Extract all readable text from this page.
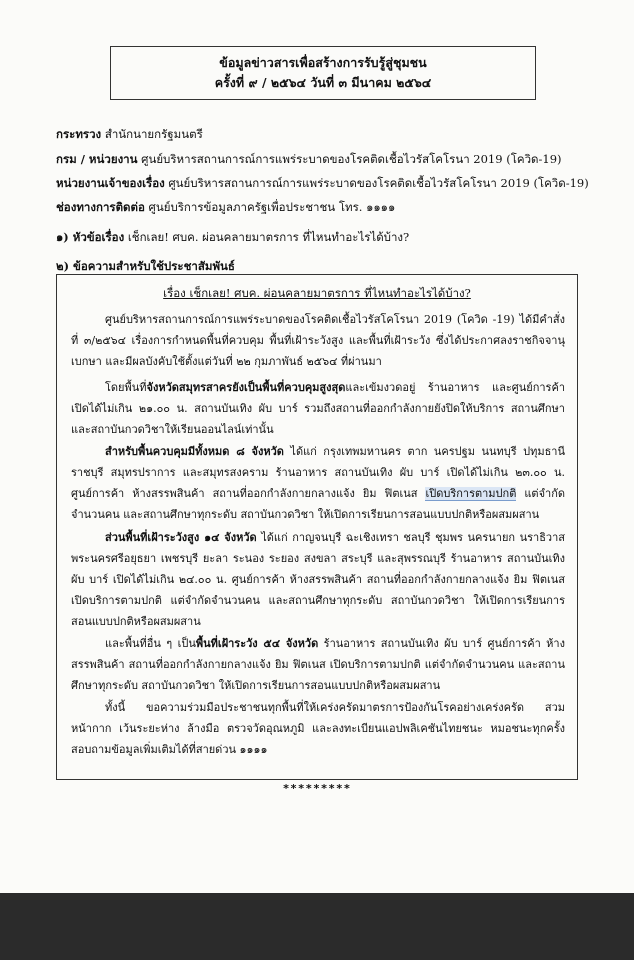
ข้อมูลข่าวสารเพื่อสร้างการรับรู้สู่ชุมชน
ครั้งที่ ๙ / ๒๕๖๔ วันที่ ๓ มีนาคม ๒๕๖๔
กระทรวง สำนักนายกรัฐมนตรี
กรม / หน่วยงาน ศูนย์บริหารสถานการณ์การแพร่ระบาดของโรคติดเชื้อไวรัสโคโรนา 2019 (โควิด-19)
หน่วยงานเจ้าของเรื่อง ศูนย์บริหารสถานการณ์การแพร่ระบาดของโรคติดเชื้อไวรัสโคโรนา 2019 (โควิด-19)
ช่องทางการติดต่อ ศูนย์บริการข้อมูลภาครัฐเพื่อประชาชน โทร. ๑๑๑๑
๑) หัวข้อเรื่อง เช็กเลย! ศบค. ผ่อนคลายมาตรการ ที่ไหนทำอะไรได้บ้าง?
๒) ข้อความสำหรับใช้ประชาสัมพันธ์
เรื่อง เช็กเลย! ศบค. ผ่อนคลายมาตรการ ที่ไหนทำอะไรได้บ้าง?

ศูนย์บริหารสถานการณ์การแพร่ระบาดของโรคติดเชื้อไวรัสโคโรนา 2019 (โควิด -19) ได้มีคำสั่งที่ ๓/๒๕๖๔ เรื่องการกำหนดพื้นที่ควบคุม พื้นที่เฝ้าระวังสูง และพื้นที่เฝ้าระวัง ซึ่งได้ประกาศลงราชกิจจานุเบกษา และมีผลบังคับใช้ตั้งแต่วันที่ ๒๒ กุมภาพันธ์ ๒๕๖๔ ที่ผ่านมา

โดยพื้นที่จังหวัดสมุทรสาครยังเป็นพื้นที่ควบคุมสูงสุดและเข้มงวดอยู่ ร้านอาหาร และศูนย์การค้า เปิดได้ไม่เกิน ๒๑.๐๐ น. สถานบันเทิง ผับ บาร์ รวมถึงสถานที่ออกกำลังกายยังปิดให้บริการ สถานศึกษา และสถาบันกวดวิชาให้เรียนออนไลน์เท่านั้น

สำหรับพื้นควบคุมมีทั้งหมด ๘ จังหวัด ได้แก่ กรุงเทพมหานคร ตาก นครปฐม นนทบุรี ปทุมธานี ราชบุรี สมุทรปราการ และสมุทรสงคราม ร้านอาหาร สถานบันเทิง ผับ บาร์ เปิดได้ไม่เกิน ๒๓.๐๐ น. ศูนย์การค้า ห้างสรรพสินค้า สถานที่ออกกำลังกายกลางแจ้ง ยิม ฟิตเนส เปิดบริการตามปกติ แต่จำกัดจำนวนคน และสถานศึกษาทุกระดับ สถาบันกวดวิชา ให้เปิดการเรียนการสอนแบบปกติหรือผสมผสาน

ส่วนพื้นที่เฝ้าระวังสูง ๑๔ จังหวัด ได้แก่ กาญจนบุรี ฉะเชิงเทรา ชลบุรี ชุมพร นครนายก นราธิวาส พระนครศรีอยุธยา เพชรบุรี ยะลา ระนอง ระยอง สงขลา สระบุรี และสุพรรณบุรี ร้านอาหาร สถานบันเทิง ผับ บาร์ เปิดได้ไม่เกิน ๒๔.๐๐ น. ศูนย์การค้า ห้างสรรพสินค้า สถานที่ออกกำลังกายกลางแจ้ง ยิม ฟิตเนส เปิดบริการตามปกติ แต่จำกัดจำนวนคน และสถานศึกษาทุกระดับ สถาบันกวดวิชา ให้เปิดการเรียนการสอนแบบปกติหรือผสมผสาน

และพื้นที่อื่น ๆ เป็นพื้นที่เฝ้าระวัง ๕๔ จังหวัด ร้านอาหาร สถานบันเทิง ผับ บาร์ ศูนย์การค้า ห้างสรรพสินค้า สถานที่ออกกำลังกายกลางแจ้ง ยิม ฟิตเนส เปิดบริการตามปกติ แต่จำกัดจำนวนคน และสถานศึกษาทุกระดับ สถาบันกวดวิชา ให้เปิดการเรียนการสอนแบบปกติหรือผสมผสาน

ทั้งนี้ ขอความร่วมมือประชาชนทุกพื้นที่ให้เคร่งครัดมาตรการป้องกันโรคอย่างเคร่งครัด สวมหน้ากาก เว้นระยะห่าง ล้างมือ ตรวจวัดอุณหภูมิ และลงทะเบียนแอปพลิเคชันไทยชนะ หมอชนะทุกครั้ง สอบถามข้อมูลเพิ่มเติมได้ที่สายด่วน ๑๑๑๑

*********
